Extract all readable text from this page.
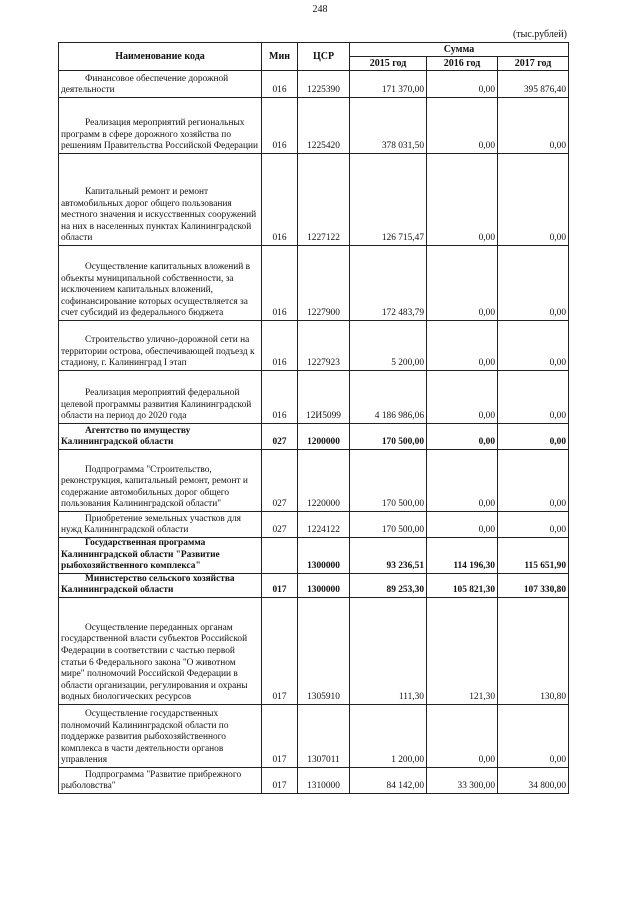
248
(тыс.рублей)
Наименование кода	Мин	ЦСР	Сумма		
			2015 год	2016 год	2017 год
Финансовое обеспечение дорожной деятельности	016	1225390	171 370,00	0,00	395 876,40
Реализация мероприятий региональных программ в сфере дорожного хозяйства по решениям Правительства Российской Федерации	016	1225420	378 031,50	0,00	0,00
Капитальный ремонт и ремонт автомобильных дорог общего пользования местного значения и искусственных сооружений на них в населенных пунктах Калининградской области	016	1227122	126 715,47	0,00	0,00
Осуществление капитальных вложений в объекты муниципальной собственности, за исключением капитальных вложений, софинансирование которых осуществляется за счет субсидий из федерального бюджета	016	1227900	172 483,79	0,00	0,00
Строительство улично-дорожной сети на территории острова, обеспечивающей подъезд к стадиону, г. Калининград I этап	016	1227923	5 200,00	0,00	0,00
Реализация мероприятий федеральной целевой программы развития Калининградской области на период до 2020 года	016	12И5099	4 186 986,06	0,00	0,00
Агентство по имуществу Калининградской области	027	1200000	170 500,00	0,00	0,00
Подпрограмма "Строительство, реконструкция, капитальный ремонт, ремонт и содержание автомобильных дорог общего пользования Калининградской области"	027	1220000	170 500,00	0,00	0,00
Приобретение земельных участков для нужд Калининградской области	027	1224122	170 500,00	0,00	0,00
Государственная программа Калининградской области "Развитие рыбохозяйственного комплекса"		1300000	93 236,51	114 196,30	115 651,90
Министерство сельского хозяйства Калининградской области	017	1300000	89 253,30	105 821,30	107 330,80
Осуществление переданных органам государственной власти субъектов Российской Федерации в соответствии с частью первой статьи 6 Федерального закона "О животном мире" полномочий Российской Федерации в области организации, регулирования и охраны водных биологических ресурсов	017	1305910	111,30	121,30	130,80
Осуществление государственных полномочий Калининградской области по поддержке развития рыбохозяйственного комплекса в части деятельности органов управления	017	1307011	1 200,00	0,00	0,00
Подпрограмма "Развитие прибрежного рыболовства"	017	1310000	84 142,00	33 300,00	34 800,00
